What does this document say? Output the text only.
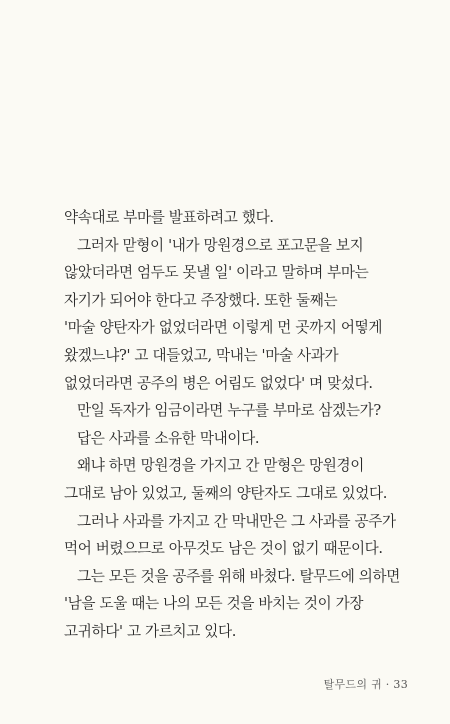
약속대로 부마를 발표하려고 했다.
그러자 맏형이 '내가 망원경으로 포고문을 보지
않았더라면 엄두도 못낼 일' 이라고 말하며 부마는
자기가 되어야 한다고 주장했다. 또한 둘째는
'마술 양탄자가 없었더라면 이렇게 먼 곳까지 어떻게
왔겠느냐?' 고 대들었고, 막내는 '마술 사과가
없었더라면 공주의 병은 어림도 없었다' 며 맞섰다.
만일 독자가 임금이라면 누구를 부마로 삼겠는가?
답은 사과를 소유한 막내이다.
왜냐 하면 망원경을 가지고 간 맏형은 망원경이
그대로 남아 있었고, 둘째의 양탄자도 그대로 있었다.
그러나 사과를 가지고 간 막내만은 그 사과를 공주가
먹어 버렸으므로 아무것도 남은 것이 없기 때문이다.
그는 모든 것을 공주를 위해 바쳤다. 탈무드에 의하면
'남을 도울 때는 나의 모든 것을 바치는 것이 가장
고귀하다' 고 가르치고 있다.
탈무드의 귀 · 33
